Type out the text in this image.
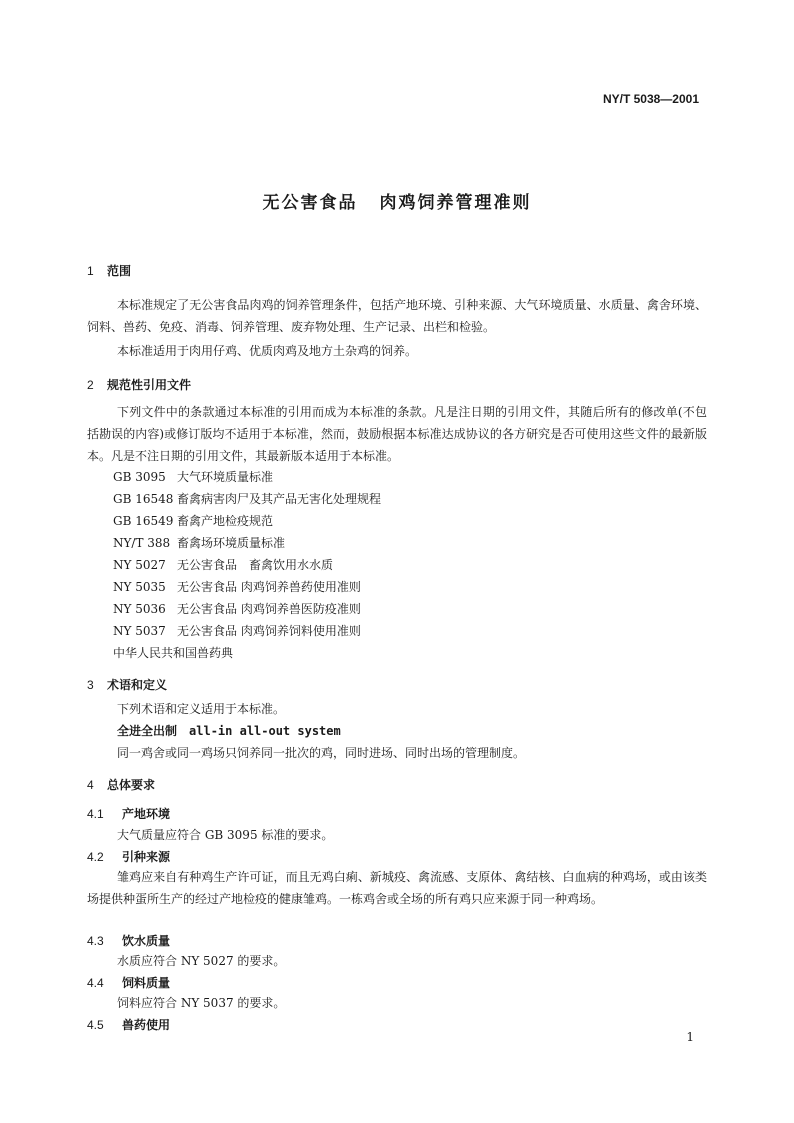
NY/T 5038—2001
无公害食品 肉鸡饲养管理准则
1 范围
本标准规定了无公害食品肉鸡的饲养管理条件，包括产地环境、引种来源、大气环境质量、水质量、禽舍环境、饲料、兽药、免疫、消毒、饲养管理、废弃物处理、生产记录、出栏和检验。
本标准适用于肉用仔鸡、优质肉鸡及地方土杂鸡的饲养。
2 规范性引用文件
下列文件中的条款通过本标准的引用而成为本标准的条款。凡是注日期的引用文件，其随后所有的修改单(不包括勘误的内容)或修订版均不适用于本标准，然而，鼓励根据本标准达成协议的各方研究是否可使用这些文件的最新版本。凡是不注日期的引用文件，其最新版本适用于本标准。
GB 3095 大气环境质量标准
GB 16548 畜禽病害肉尸及其产品无害化处理规程
GB 16549 畜禽产地检疫规范
NY/T 388 畜禽场环境质量标准
NY 5027 无公害食品　畜禽饮用水水质
NY 5035 无公害食品 肉鸡饲养兽药使用准则
NY 5036 无公害食品 肉鸡饲养兽医防疫准则
NY 5037 无公害食品 肉鸡饲养饲料使用准则
中华人民共和国兽药典
3 术语和定义
下列术语和定义适用于本标准。
全进全出制 all-in all-out system
同一鸡舍或同一鸡场只饲养同一批次的鸡，同时进场、同时出场的管理制度。
4 总体要求
4.1 产地环境
大气质量应符合 GB 3095 标准的要求。
4.2 引种来源
雏鸡应来自有种鸡生产许可证，而且无鸡白痢、新城疫、禽流感、支原体、禽结核、白血病的种鸡场，或由该类场提供种蛋所生产的经过产地检疫的健康雏鸡。一栋鸡舍或全场的所有鸡只应来源于同一种鸡场。
4.3 饮水质量
水质应符合 NY 5027 的要求。
4.4 饲料质量
饲料应符合 NY 5037 的要求。
4.5 兽药使用
1
